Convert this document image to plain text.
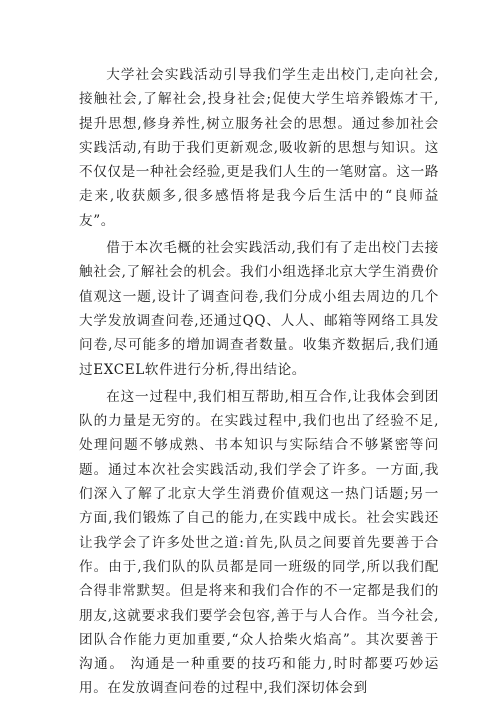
大学社会实践活动引导我们学生走出校门,走向社会,接触社会,了解社会,投身社会;促使大学生培养锻炼才干,提升思想,修身养性,树立服务社会的思想。通过参加社会实践活动,有助于我们更新观念,吸收新的思想与知识。这不仅仅是一种社会经验,更是我们人生的一笔财富。这一路走来,收获颇多,很多感悟将是我今后生活中的“良师益友”。

借于本次毛概的社会实践活动,我们有了走出校门去接触社会,了解社会的机会。我们小组选择北京大学生消费价值观这一题,设计了调查问卷,我们分成小组去周边的几个大学发放调查问卷,还通过QQ、人人、邮箱等网络工具发问卷,尽可能多的增加调查者数量。收集齐数据后,我们通过EXCEL软件进行分析,得出结论。

在这一过程中,我们相互帮助,相互合作,让我体会到团队的力量是无穷的。在实践过程中,我们也出了经验不足,处理问题不够成熟、书本知识与实际结合不够紧密等问题。通过本次社会实践活动,我们学会了许多。一方面,我们深入了解了北京大学生消费价值观这一热门话题;另一方面,我们锻炼了自己的能力,在实践中成长。社会实践还让我学会了许多处世之道:首先,队员之间要首先要善于合作。由于,我们队的队员都是同一班级的同学,所以我们配合得非常默契。但是将来和我们合作的不一定都是我们的朋友,这就要求我们要学会包容,善于与人合作。当今社会,团队合作能力更加重要,“众人拾柴火焰高”。其次要善于沟通。 沟通是一种重要的技巧和能力,时时都要巧妙运用。在发放调查问卷的过程中,我们深切体会到
